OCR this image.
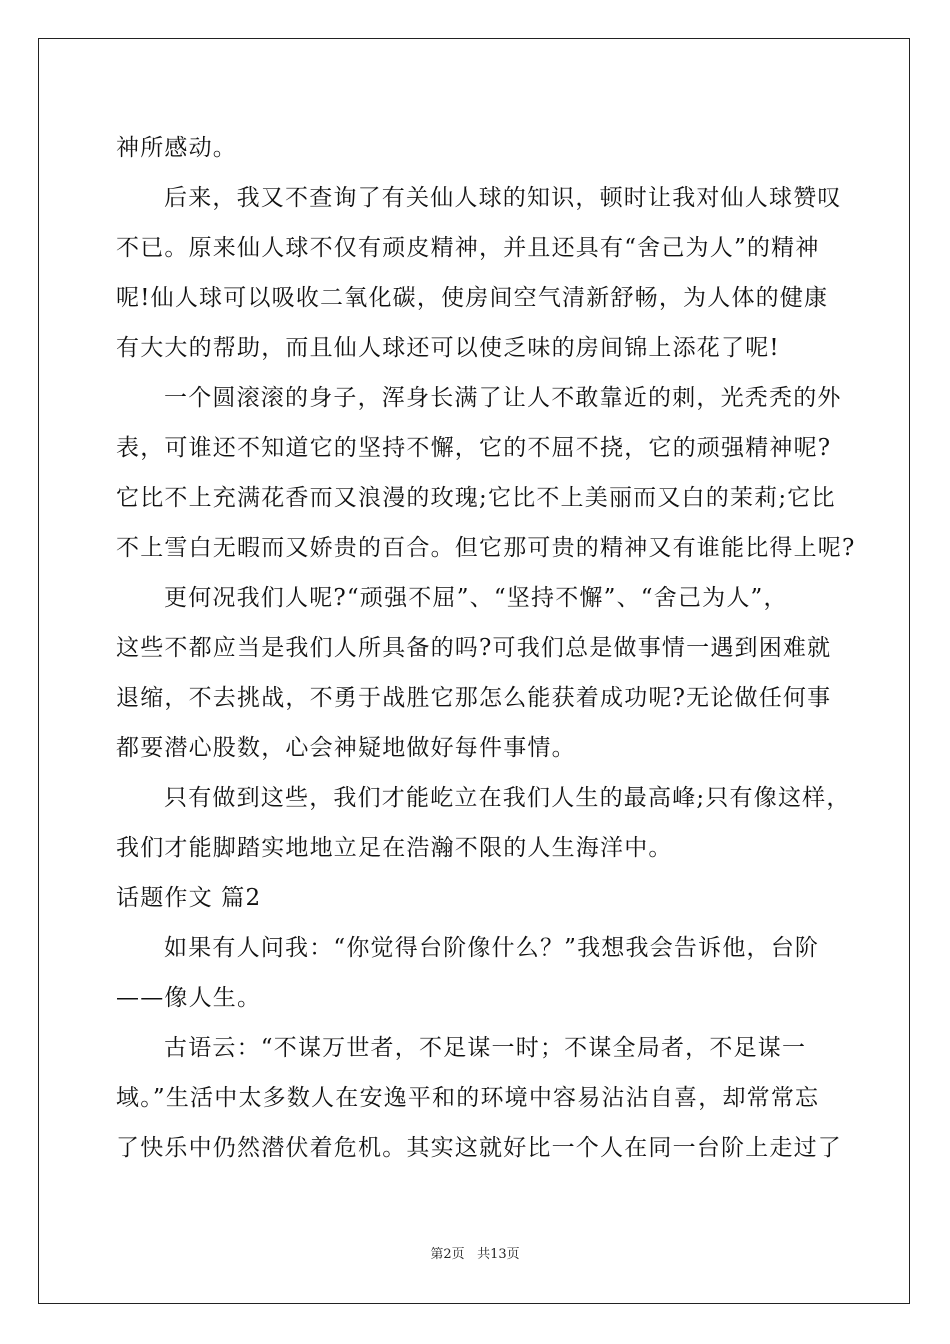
神所感动。
后来，我又不查询了有关仙人球的知识，顿时让我对仙人球赞叹
不已。原来仙人球不仅有顽皮精神，并且还具有“舍己为人”的精神
呢!仙人球可以吸收二氧化碳，使房间空气清新舒畅，为人体的健康
有大大的帮助，而且仙人球还可以使乏味的房间锦上添花了呢!
一个圆滚滚的身子，浑身长满了让人不敢靠近的刺，光秃秃的外
表，可谁还不知道它的坚持不懈，它的不屈不挠，它的顽强精神呢?
它比不上充满花香而又浪漫的玫瑰;它比不上美丽而又白的茉莉;它比
不上雪白无暇而又娇贵的百合。但它那可贵的精神又有谁能比得上呢?
更何况我们人呢?“顽强不屈”、“坚持不懈”、“舍己为人”，
这些不都应当是我们人所具备的吗?可我们总是做事情一遇到困难就
退缩，不去挑战，不勇于战胜它那怎么能获着成功呢?无论做任何事
都要潜心股数，心会神疑地做好每件事情。
只有做到这些，我们才能屹立在我们人生的最高峰;只有像这样，
我们才能脚踏实地地立足在浩瀚不限的人生海洋中。
话题作文 篇2
如果有人问我：“你觉得台阶像什么？”我想我会告诉他，台阶
——像人生。
古语云：“不谋万世者，不足谋一时；不谋全局者，不足谋一
域。”生活中太多数人在安逸平和的环境中容易沾沾自喜，却常常忘
了快乐中仍然潜伏着危机。其实这就好比一个人在同一台阶上走过了
第2页 共13页
